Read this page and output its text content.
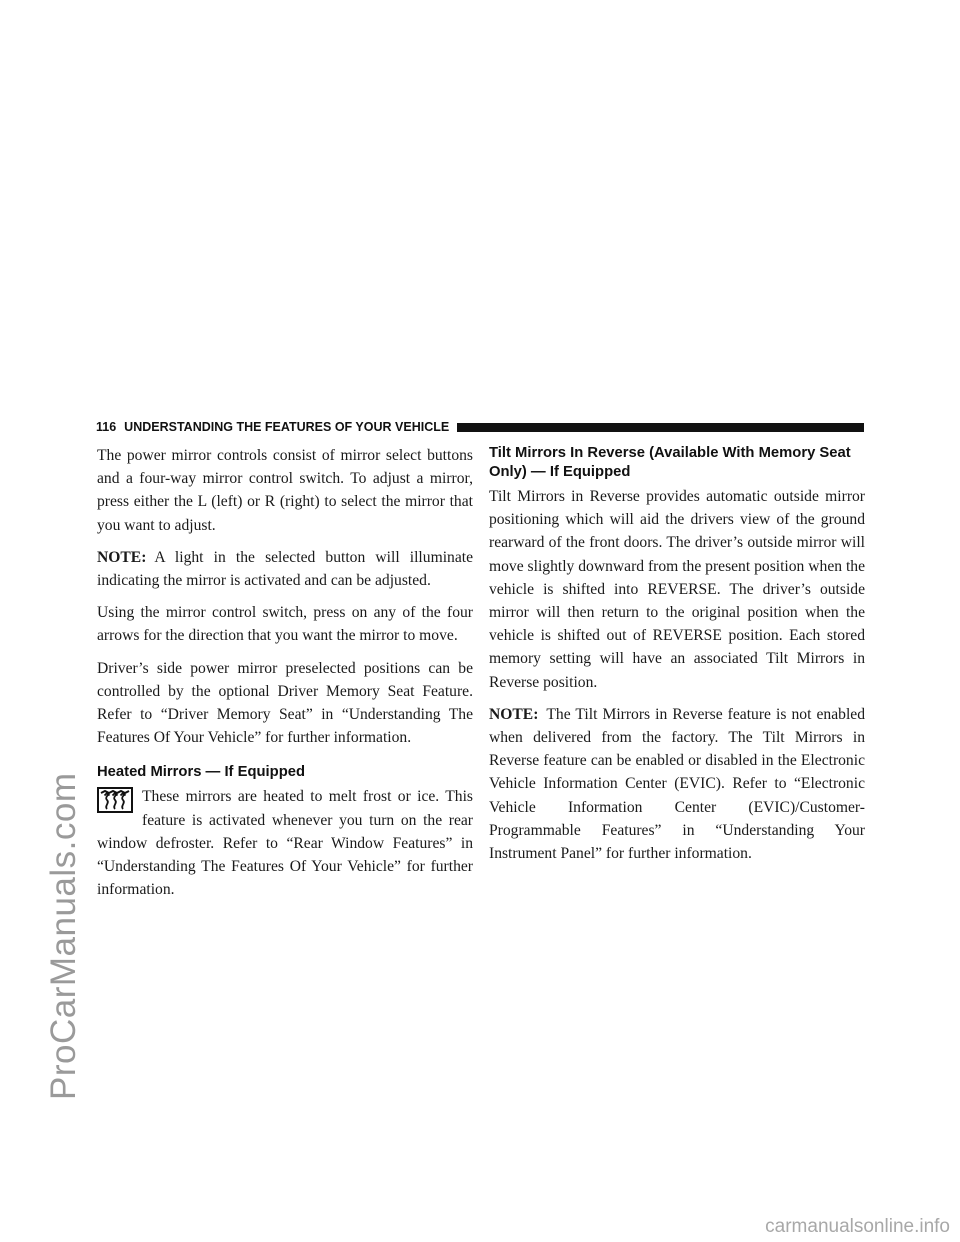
ProCarManuals.com
carmanualsonline.info
116 UNDERSTANDING THE FEATURES OF YOUR VEHICLE

The power mirror controls consist of mirror select buttons and a four-way mirror control switch. To adjust a mirror, press either the L (left) or R (right) to select the mirror that you want to adjust.

NOTE: A light in the selected button will illuminate indicating the mirror is activated and can be adjusted.

Using the mirror control switch, press on any of the four arrows for the direction that you want the mirror to move.

Driver’s side power mirror preselected positions can be controlled by the optional Driver Memory Seat Feature. Refer to “Driver Memory Seat” in “Understanding The Features Of Your Vehicle” for further information.

Heated Mirrors — If Equipped

These mirrors are heated to melt frost or ice. This feature is activated whenever you turn on the rear window defroster. Refer to “Rear Window Features” in “Understanding The Features Of Your Vehicle” for further information.

Tilt Mirrors In Reverse (Available With Memory Seat Only) — If Equipped

Tilt Mirrors in Reverse provides automatic outside mirror positioning which will aid the drivers view of the ground rearward of the front doors. The driver’s outside mirror will move slightly downward from the present position when the vehicle is shifted into REVERSE. The driver’s outside mirror will then return to the original position when the vehicle is shifted out of REVERSE position. Each stored memory setting will have an associated Tilt Mirrors in Reverse position.

NOTE: The Tilt Mirrors in Reverse feature is not enabled when delivered from the factory. The Tilt Mirrors in Reverse feature can be enabled or disabled in the Electronic Vehicle Information Center (EVIC). Refer to “Electronic Vehicle Information Center (EVIC)/Customer-Programmable Features” in “Understanding Your Instrument Panel” for further information.
